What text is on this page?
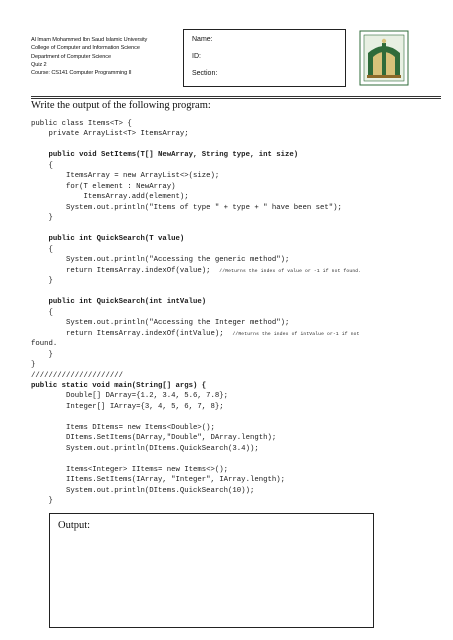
Al Imam Mohammed Ibn Saud Islamic University
College of Computer and Information Science
Department of Computer Science
Quiz 2
Course: CS141 Computer Programming II
Name:
ID:
Section:
Write the output of the following program:
public class Items<T> {
private ArrayList<T> ItemsArray;
public void SetItems(T[] NewArray, String type, int size)
{
ItemsArray = new ArrayList<>(size);
for(T element : NewArray)
ItemsArray.add(element);
System.out.println("Items of type " + type + " have been set");
}
public int QuickSearch(T value)
{
System.out.println("Accessing the generic method");
return ItemsArray.indexOf(value);  //Returns the index of value or -1 if not found.
}
public int QuickSearch(int intValue)
{
System.out.println("Accessing the Integer method");
return ItemsArray.indexOf(intValue);  //Returns the index of intValue or-1 if not
found.
}
}
/////////////////////
public static void main(String[] args) {
Double[] DArray={1.2, 3.4, 5.6, 7.8};
Integer[] IArray={3, 4, 5, 6, 7, 8};
Items DItems= new Items<Double>();
DItems.SetItems(DArray,"Double", DArray.length);
System.out.println(DItems.QuickSearch(3.4));
Items<Integer> IItems= new Items<>();
IItems.SetItems(IArray, "Integer", IArray.length);
System.out.println(DItems.QuickSearch(10));
}
Output:
